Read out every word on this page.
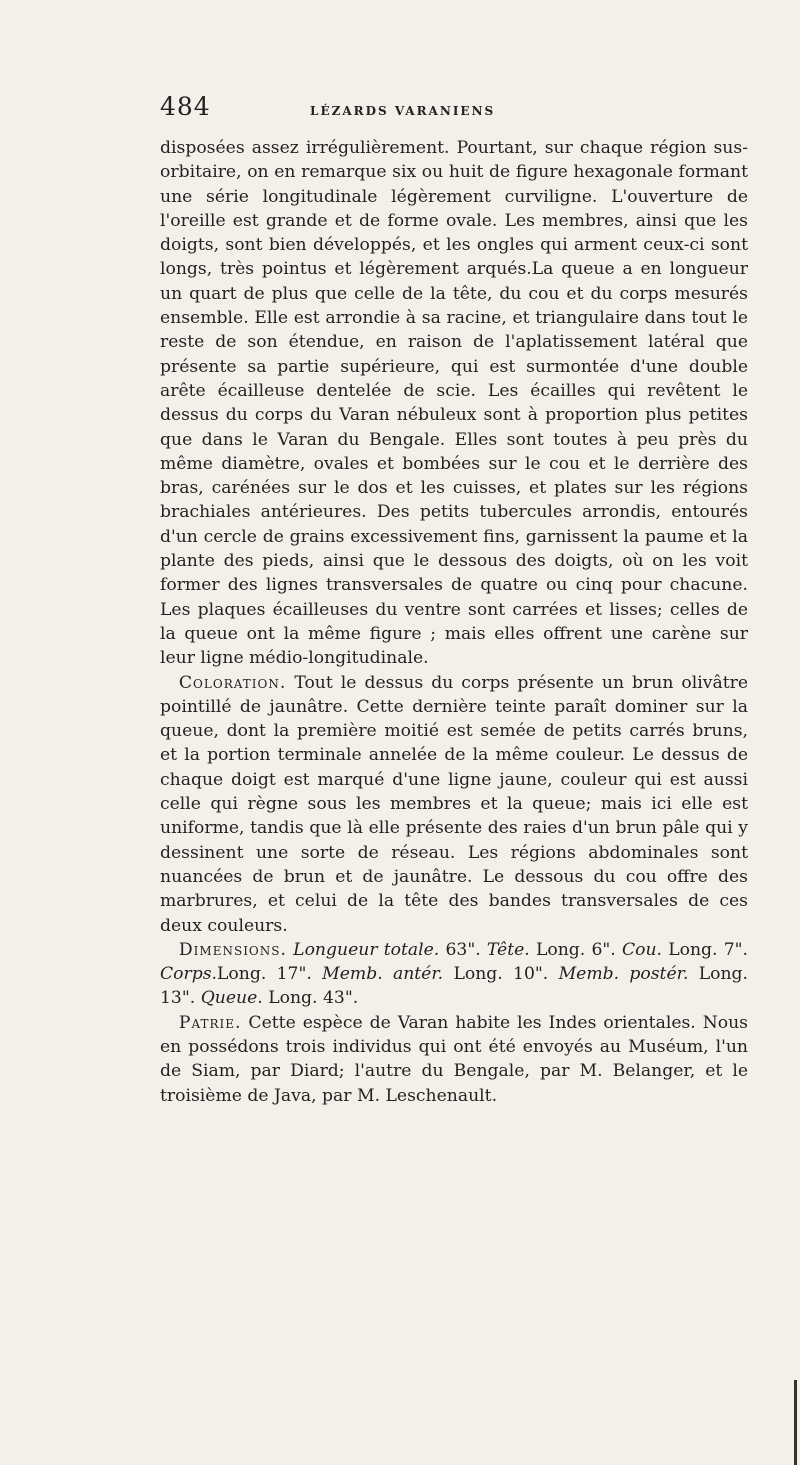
484	LÉZARDS VARANIENS

disposées assez irrégulièrement. Pourtant, sur chaque région sus-orbitaire, on en remarque six ou huit de figure hexagonale formant une série longitudinale légèrement curviligne. L'ouverture de l'oreille est grande et de forme ovale. Les membres, ainsi que les doigts, sont bien développés, et les ongles qui arment ceux-ci sont longs, très pointus et légèrement arqués.La queue a en longueur un quart de plus que celle de la tête, du cou et du corps mesurés ensemble. Elle est arrondie à sa racine, et triangulaire dans tout le reste de son étendue, en raison de l'aplatissement latéral que présente sa partie supérieure, qui est surmontée d'une double arête écailleuse dentelée de scie. Les écailles qui revêtent le dessus du corps du Varan nébuleux sont à proportion plus petites que dans le Varan du Bengale. Elles sont toutes à peu près du même diamètre, ovales et bombées sur le cou et le derrière des bras, carénées sur le dos et les cuisses, et plates sur les régions brachiales antérieures. Des petits tubercules arrondis, entourés d'un cercle de grains excessivement fins, garnissent la paume et la plante des pieds, ainsi que le dessous des doigts, où on les voit former des lignes transversales de quatre ou cinq pour chacune. Les plaques écailleuses du ventre sont carrées et lisses; celles de la queue ont la même figure ; mais elles offrent une carène sur leur ligne médio-longitudinale.

Coloration. Tout le dessus du corps présente un brun olivâtre pointillé de jaunâtre. Cette dernière teinte paraît dominer sur la queue, dont la première moitié est semée de petits carrés bruns, et la portion terminale annelée de la même couleur. Le dessus de chaque doigt est marqué d'une ligne jaune, couleur qui est aussi celle qui règne sous les membres et la queue; mais ici elle est uniforme, tandis que là elle présente des raies d'un brun pâle qui y dessinent une sorte de réseau. Les régions abdominales sont nuancées de brun et de jaunâtre. Le dessous du cou offre des marbrures, et celui de la tête des bandes transversales de ces deux couleurs.

Dimensions. Longueur totale. 63". Tête. Long. 6". Cou. Long. 7". Corps.Long. 17". Memb. antér. Long. 10". Memb. postér. Long. 13". Queue. Long. 43".

Patrie. Cette espèce de Varan habite les Indes orientales. Nous en possédons trois individus qui ont été envoyés au Muséum, l'un de Siam, par Diard; l'autre du Bengale, par M. Belanger, et le troisième de Java, par M. Leschenault.
